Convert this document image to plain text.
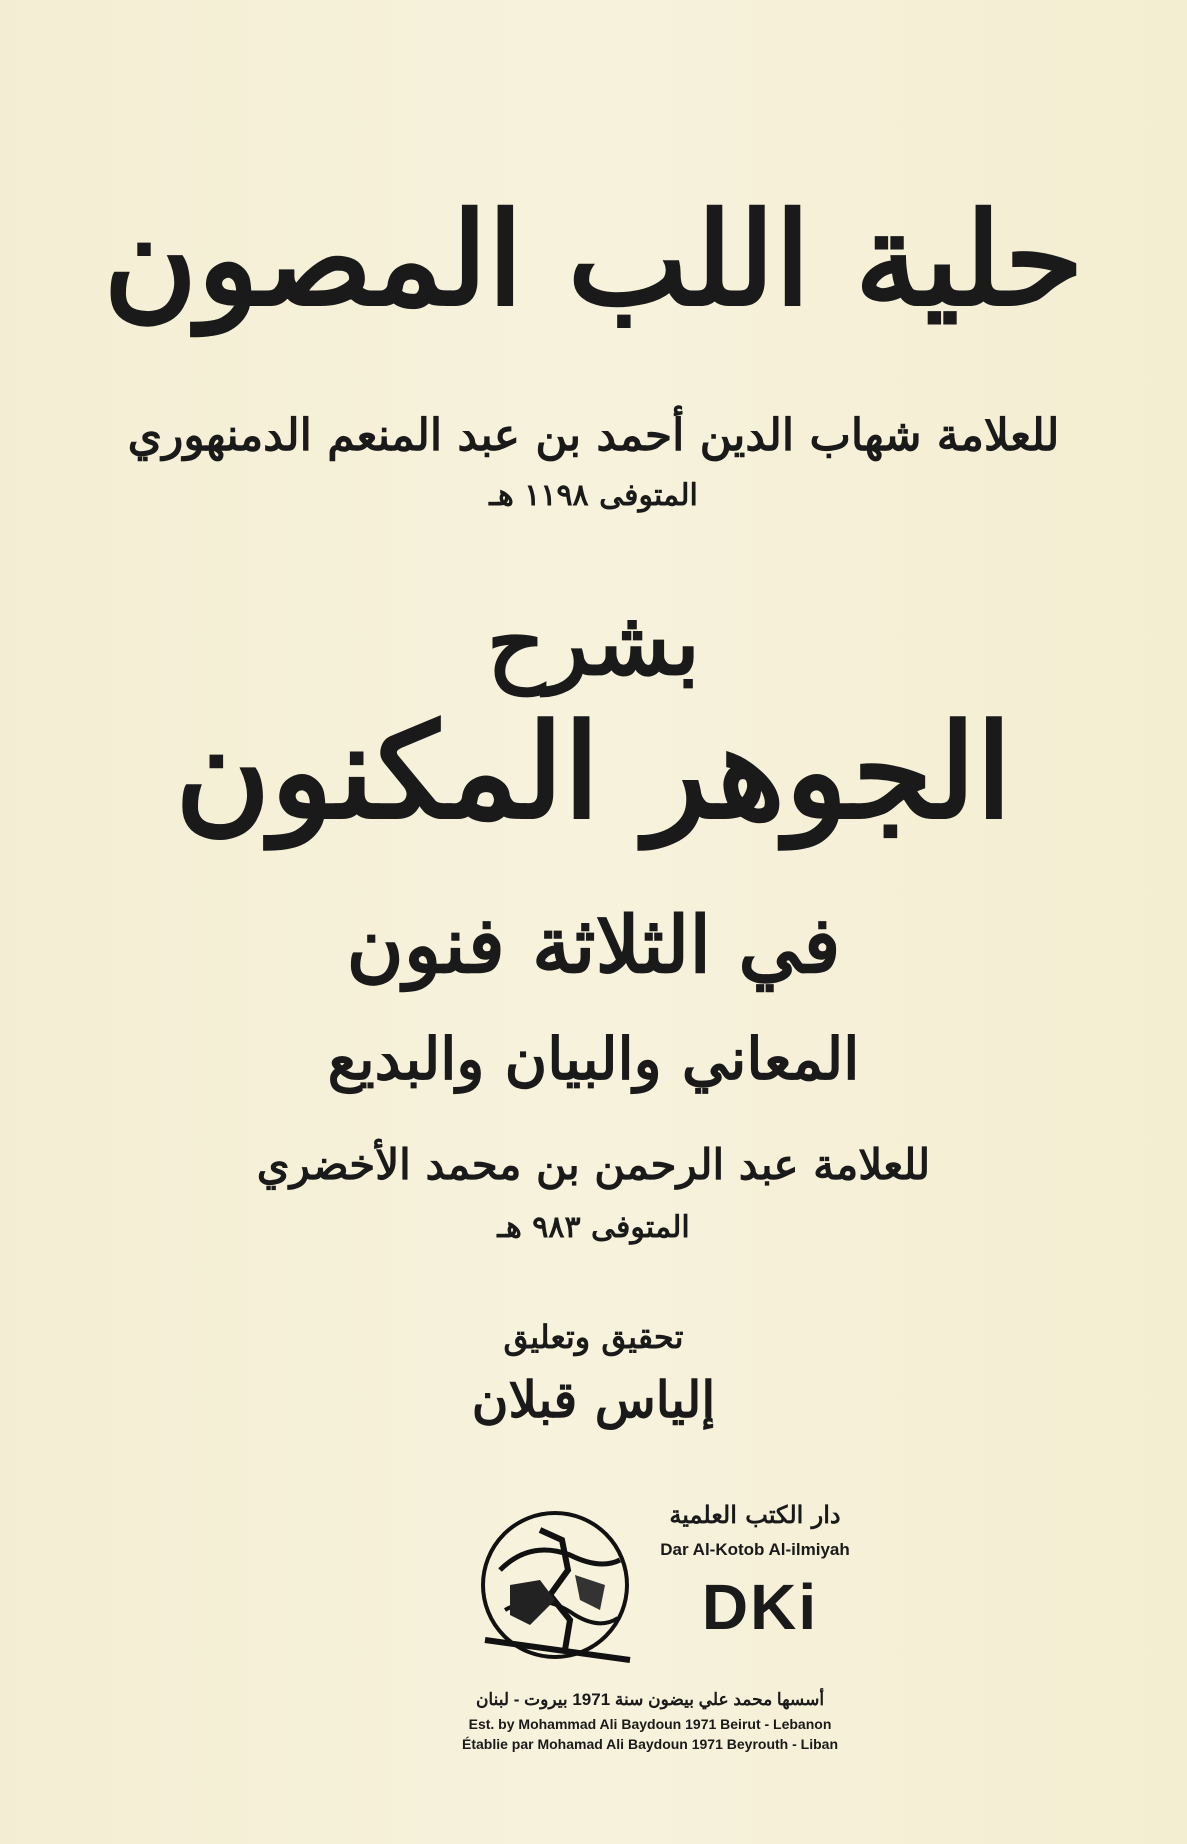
حلية اللب المصون
للعلامة شهاب الدين أحمد بن عبد المنعم الدمنهوري
المتوفى ١١٩٨ هـ
بشرح
الجوهر المكنون
في الثلاثة فنون
المعاني والبيان والبديع
للعلامة عبد الرحمن بن محمد الأخضري
المتوفى ٩٨٣ هـ
تحقيق وتعليق
إلياس قبلان
دار الكتب العلمية
Dar Al-Kotob Al-ilmiyah
DKi
أسسها محمد علي بيضون سنة 1971 بيروت - لبنان
Est. by Mohammad Ali Baydoun 1971 Beirut - Lebanon
Établie par Mohamad Ali Baydoun 1971 Beyrouth - Liban
